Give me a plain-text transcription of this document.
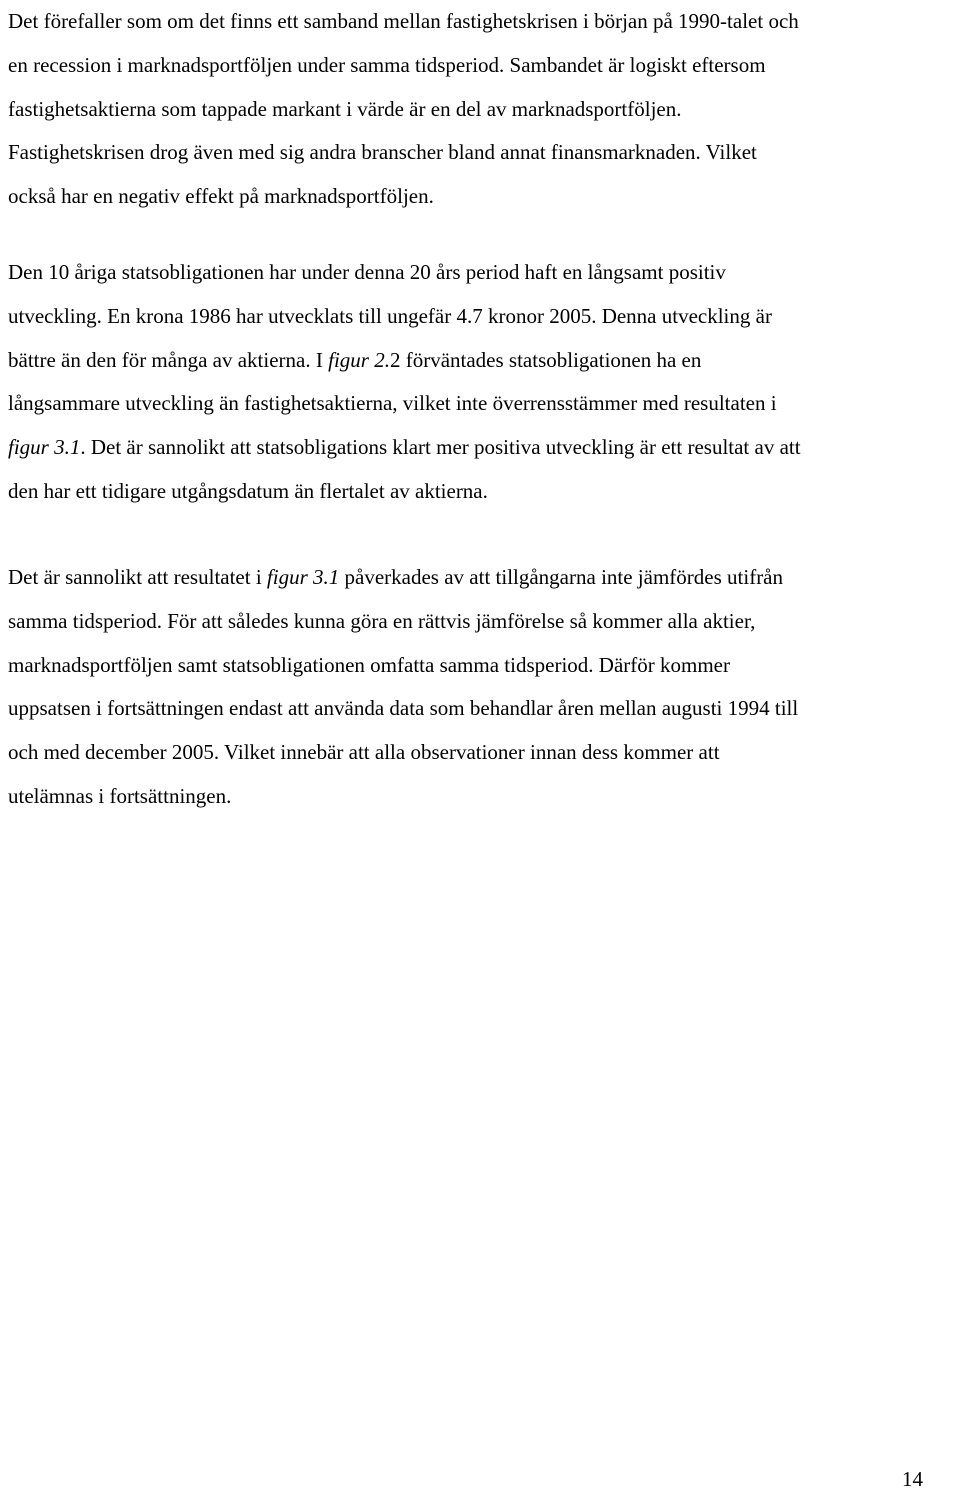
Det förefaller som om det finns ett samband mellan fastighetskrisen i början på 1990-talet och
en recession i marknadsportföljen under samma tidsperiod. Sambandet är logiskt eftersom
fastighetsaktierna som tappade markant i värde är en del av marknadsportföljen.
Fastighetskrisen drog även med sig andra branscher bland annat finansmarknaden. Vilket
också har en negativ effekt på marknadsportföljen.

Den 10 åriga statsobligationen har under denna 20 års period haft en långsamt positiv
utveckling. En krona 1986 har utvecklats till ungefär 4.7 kronor 2005. Denna utveckling är
bättre än den för många av aktierna. I figur 2.2 förväntades statsobligationen ha en
långsammare utveckling än fastighetsaktierna, vilket inte överrensstämmer med resultaten i
figur 3.1. Det är sannolikt att statsobligations klart mer positiva utveckling är ett resultat av att
den har ett tidigare utgångsdatum än flertalet av aktierna.

Det är sannolikt att resultatet i figur 3.1 påverkades av att tillgångarna inte jämfördes utifrån
samma tidsperiod. För att således kunna göra en rättvis jämförelse så kommer alla aktier,
marknadsportföljen samt statsobligationen omfatta samma tidsperiod. Därför kommer
uppsatsen i fortsättningen endast att använda data som behandlar åren mellan augusti 1994 till
och med december 2005. Vilket innebär att alla observationer innan dess kommer att
utelämnas i fortsättningen.

14
